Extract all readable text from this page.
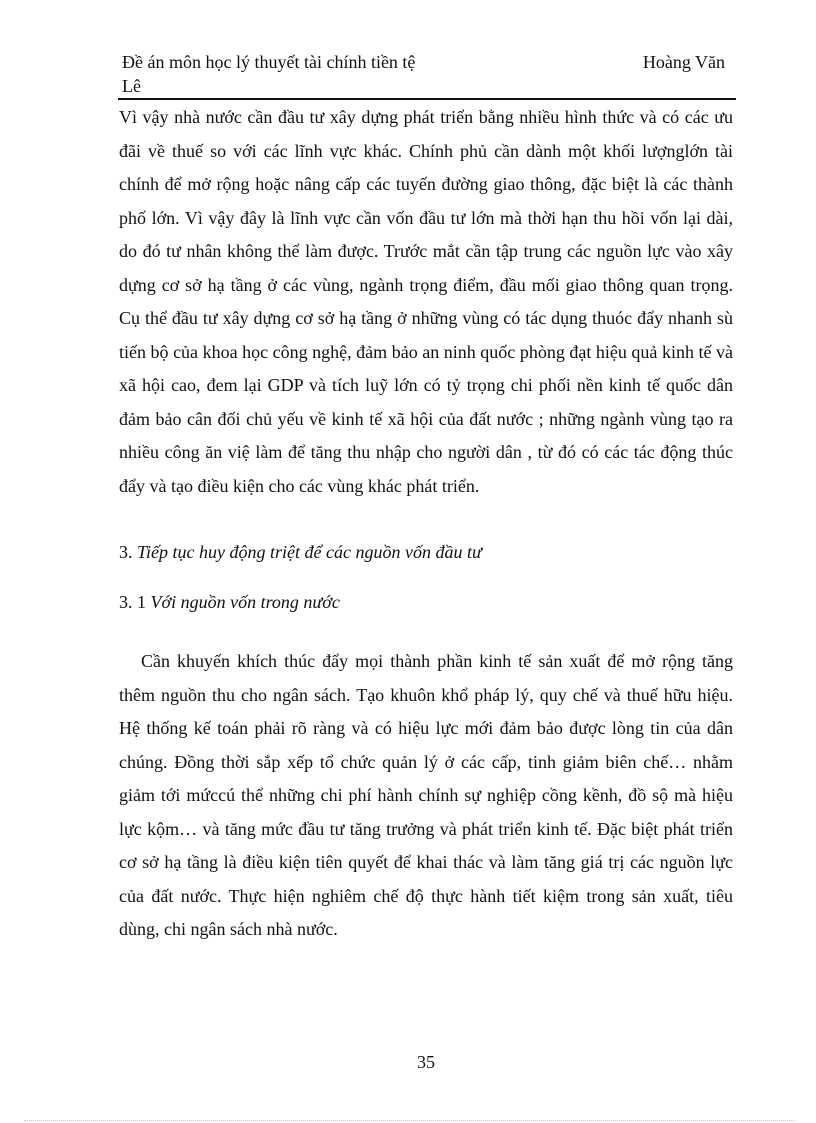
Đề án môn học lý thuyết tài chính tiền tệ	Hoàng Văn
Lê

Vì vậy nhà nước cần đầu tư xây dựng phát triển bằng nhiều hình thức và có các ưu đãi về thuế so với các lĩnh vực khác. Chính phủ cần dành một khối lượnglớn tài chính để mở rộng hoặc nâng cấp các tuyến đường giao thông, đặc biệt là các thành phố lớn. Vì vậy đây là lĩnh vực cần vốn đầu tư lớn mà thời hạn thu hồi vốn lại dài, do đó tư nhân không thể làm được. Trước mắt cần tập trung các nguồn lực vào xây dựng cơ sở hạ tầng ở các vùng, ngành trọng điểm, đầu mối giao thông quan trọng. Cụ thể đầu tư xây dựng cơ sở hạ tầng ở những vùng có tác dụng thuóc đẩy nhanh sù tiến bộ của khoa học công nghệ, đảm bảo an ninh quốc phòng đạt hiệu quả kinh tế và xã hội cao, đem lại GDP và tích luỹ lớn có tỷ trọng chi phối nền kinh tế quốc dân đảm bảo cân đối chủ yếu về kinh tế xã hội của đất nước ; những ngành vùng tạo ra nhiều công ăn việ làm để tăng thu nhập cho người dân , từ đó có các tác động thúc đẩy và tạo điều kiện cho các vùng khác phát triển.

3. Tiếp tục huy động triệt để các nguồn vốn đầu tư

3. 1 Với nguồn vốn trong nước

Cần khuyến khích thúc đẩy mọi thành phần kinh tế sản xuất để mở rộng tăng thêm nguồn thu cho ngân sách. Tạo khuôn khổ pháp lý, quy chế và thuế hữu hiệu. Hệ thống kế toán phải rõ ràng và có hiệu lực mới đảm bảo được lòng tin của dân chúng. Đồng thời sắp xếp tổ chức quản lý ở các cấp, tinh giảm biên chế… nhằm giảm tới mứccú thể những chi phí hành chính sự nghiệp cồng kềnh, đồ sộ mà hiệu lực kộm… và tăng mức đầu tư tăng trưởng và phát triển kinh tế. Đặc biệt phát triển cơ sở hạ tầng là điều kiện tiên quyết để khai thác và làm tăng giá trị các nguồn lực của đất nước. Thực hiện nghiêm chế độ thực hành tiết kiệm trong sản xuất, tiêu dùng, chi ngân sách nhà nước.

35
